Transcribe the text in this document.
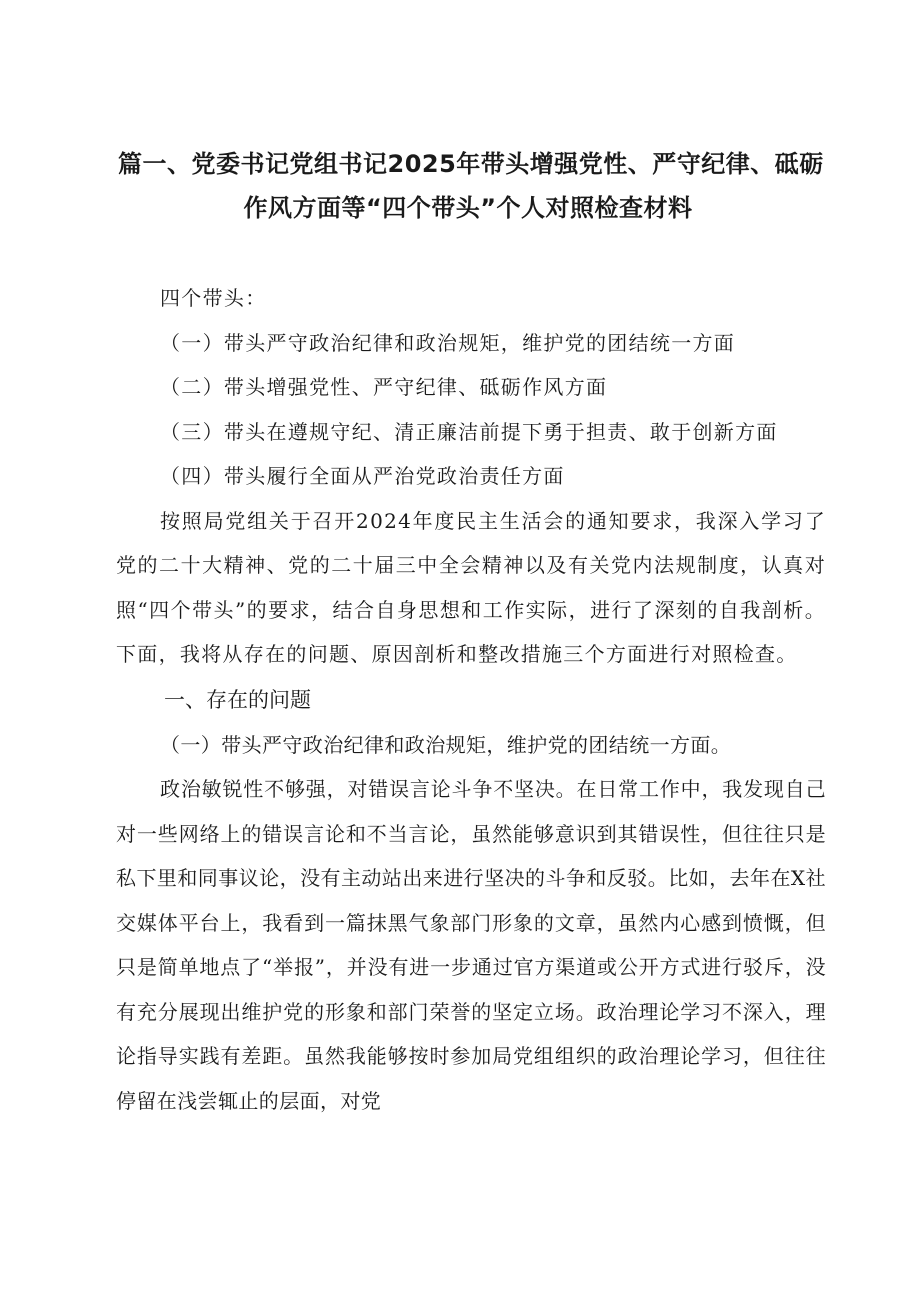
篇一、党委书记党组书记2025年带头增强党性、严守纪律、砥砺
作风方面等“四个带头”个人对照检查材料

四个带头：

（一）带头严守政治纪律和政治规矩，维护党的团结统一方面

（二）带头增强党性、严守纪律、砥砺作风方面

（三）带头在遵规守纪、清正廉洁前提下勇于担责、敢于创新方面

（四）带头履行全面从严治党政治责任方面

按照局党组关于召开2024年度民主生活会的通知要求，我深入学习了党的二十大精神、党的二十届三中全会精神以及有关党内法规制度，认真对照“四个带头”的要求，结合自身思想和工作实际，进行了深刻的自我剖析。下面，我将从存在的问题、原因剖析和整改措施三个方面进行对照检查。

一、存在的问题

（一）带头严守政治纪律和政治规矩，维护党的团结统一方面。

政治敏锐性不够强，对错误言论斗争不坚决。在日常工作中，我发现自己对一些网络上的错误言论和不当言论，虽然能够意识到其错误性，但往往只是私下里和同事议论，没有主动站出来进行坚决的斗争和反驳。比如，去年在X社交媒体平台上，我看到一篇抹黑气象部门形象的文章，虽然内心感到愤慨，但只是简单地点了“举报”，并没有进一步通过官方渠道或公开方式进行驳斥，没有充分展现出维护党的形象和部门荣誉的坚定立场。政治理论学习不深入，理论指导实践有差距。虽然我能够按时参加局党组组织的政治理论学习，但往往停留在浅尝辄止的层面，对党
